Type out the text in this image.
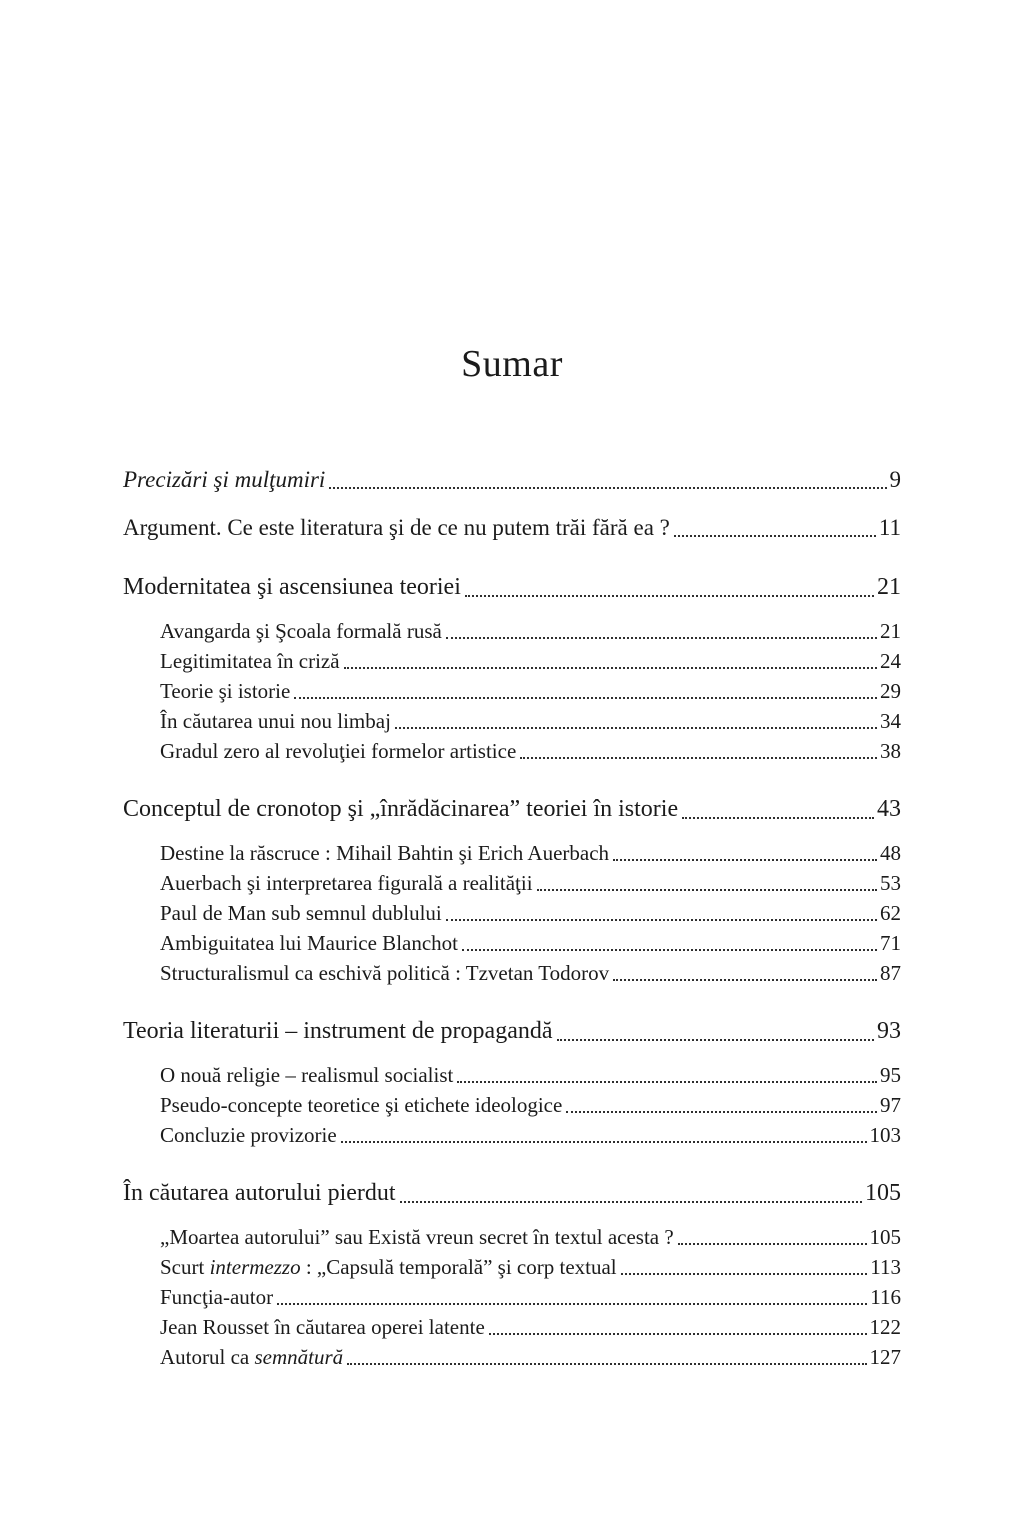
Sumar
Precizări şi mulţumiri	9
Argument. Ce este literatura şi de ce nu putem trăi fără ea ?	11
Modernitatea şi ascensiunea teoriei	21
Avangarda şi Şcoala formală rusă	21
Legitimitatea în criză	24
Teorie şi istorie	29
În căutarea unui nou limbaj	34
Gradul zero al revoluţiei formelor artistice	38
Conceptul de cronotop şi „înrădăcinarea” teoriei în istorie	43
Destine la răscruce : Mihail Bahtin şi Erich Auerbach	48
Auerbach şi interpretarea figurală a realităţii	53
Paul de Man sub semnul dublului	62
Ambiguitatea lui Maurice Blanchot	71
Structuralismul ca eschivă politică : Tzvetan Todorov	87
Teoria literaturii – instrument de propagandă	93
O nouă religie – realismul socialist	95
Pseudo-concepte teoretice şi etichete ideologice	97
Concluzie provizorie	103
În căutarea autorului pierdut	105
„Moartea autorului” sau Există vreun secret în textul acesta ?	105
Scurt intermezzo : „Capsulă temporală” şi corp textual	113
Funcţia-autor	116
Jean Rousset în căutarea operei latente	122
Autorul ca semnătură	127
